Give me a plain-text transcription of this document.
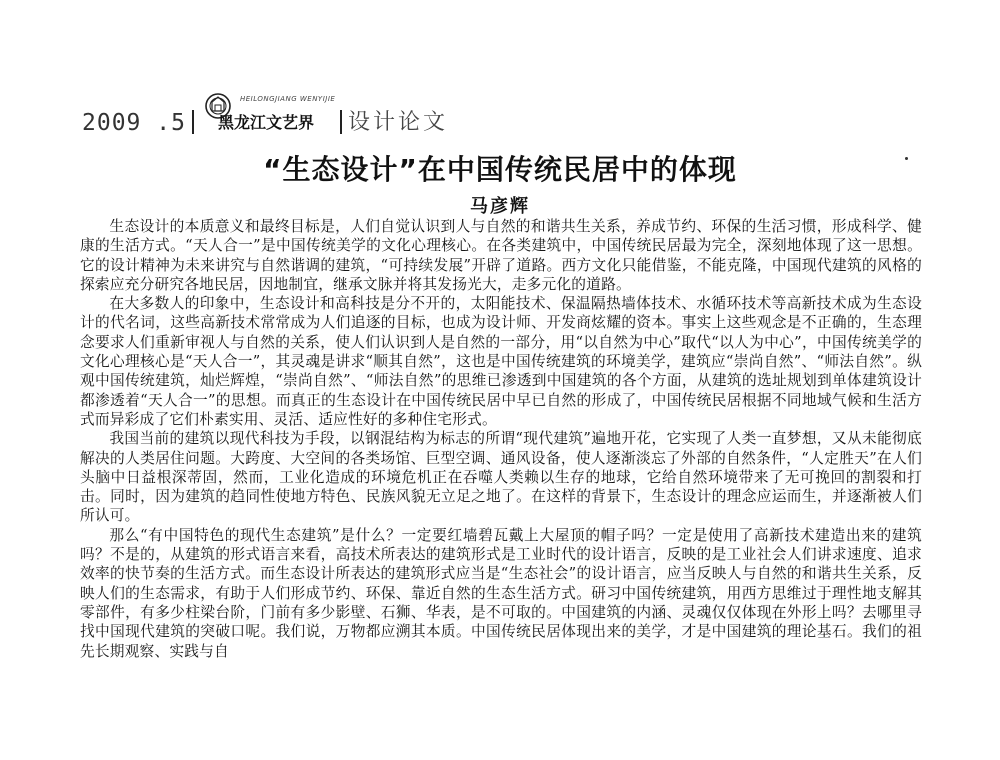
2009 .5
HEILONGJIANG WENYIJIE
黑龙江文艺界 设计论文
“生态设计”在中国传统民居中的体现
马彦辉

生态设计的本质意义和最终目标是，人们自觉认识到人与自然的和谐共生关系，养成节约、环保的生活习惯，形成科学、健康的生活方式。“天人合一”是中国传统美学的文化心理核心。在各类建筑中，中国传统民居最为完全，深刻地体现了这一思想。它的设计精神为未来讲究与自然谐调的建筑，“可持续发展”开辟了道路。西方文化只能借鉴，不能克隆，中国现代建筑的风格的探索应充分研究各地民居，因地制宜，继承文脉并将其发扬光大，走多元化的道路。

在大多数人的印象中，生态设计和高科技是分不开的，太阳能技术、保温隔热墙体技术、水循环技术等高新技术成为生态设计的代名词，这些高新技术常常成为人们追逐的目标，也成为设计师、开发商炫耀的资本。事实上这些观念是不正确的，生态理念要求人们重新审视人与自然的关系，使人们认识到人是自然的一部分，用“以自然为中心”取代“以人为中心”，中国传统美学的文化心理核心是“天人合一”，其灵魂是讲求“顺其自然”，这也是中国传统建筑的环境美学，建筑应“崇尚自然”、“师法自然”。纵观中国传统建筑，灿烂辉煌，“崇尚自然”、“师法自然”的思维已渗透到中国建筑的各个方面，从建筑的选址规划到单体建筑设计都渗透着“天人合一”的思想。而真正的生态设计在中国传统民居中早已自然的形成了，中国传统民居根据不同地域气候和生活方式而异彩成了它们朴素实用、灵活、适应性好的多种住宅形式。

我国当前的建筑以现代科技为手段，以钢混结构为标志的所谓“现代建筑”遍地开花，它实现了人类一直梦想，又从未能彻底解决的人类居住问题。大跨度、大空间的各类场馆、巨型空调、通风设备，使人逐渐淡忘了外部的自然条件，“人定胜天”在人们头脑中日益根深蒂固，然而，工业化造成的环境危机正在吞噬人类赖以生存的地球，它给自然环境带来了无可挽回的割裂和打击。同时，因为建筑的趋同性使地方特色、民族风貌无立足之地了。在这样的背景下，生态设计的理念应运而生，并逐渐被人们所认可。

那么“有中国特色的现代生态建筑”是什么？一定要红墙碧瓦戴上大屋顶的帽子吗？一定是使用了高新技术建造出来的建筑吗？不是的，从建筑的形式语言来看，高技术所表达的建筑形式是工业时代的设计语言，反映的是工业社会人们讲求速度、追求效率的快节奏的生活方式。而生态设计所表达的建筑形式应当是“生态社会”的设计语言，应当反映人与自然的和谐共生关系，反映人们的生态需求，有助于人们形成节约、环保、靠近自然的生态生活方式。研习中国传统建筑，用西方思维过于理性地支解其零部件，有多少柱梁台阶，门前有多少影壁、石狮、华表，是不可取的。中国建筑的内涵、灵魂仅仅体现在外形上吗？去哪里寻找中国现代建筑的突破口呢。我们说，万物都应溯其本质。中国传统民居体现出来的美学，才是中国建筑的理论基石。我们的祖先长期观察、实践与自
